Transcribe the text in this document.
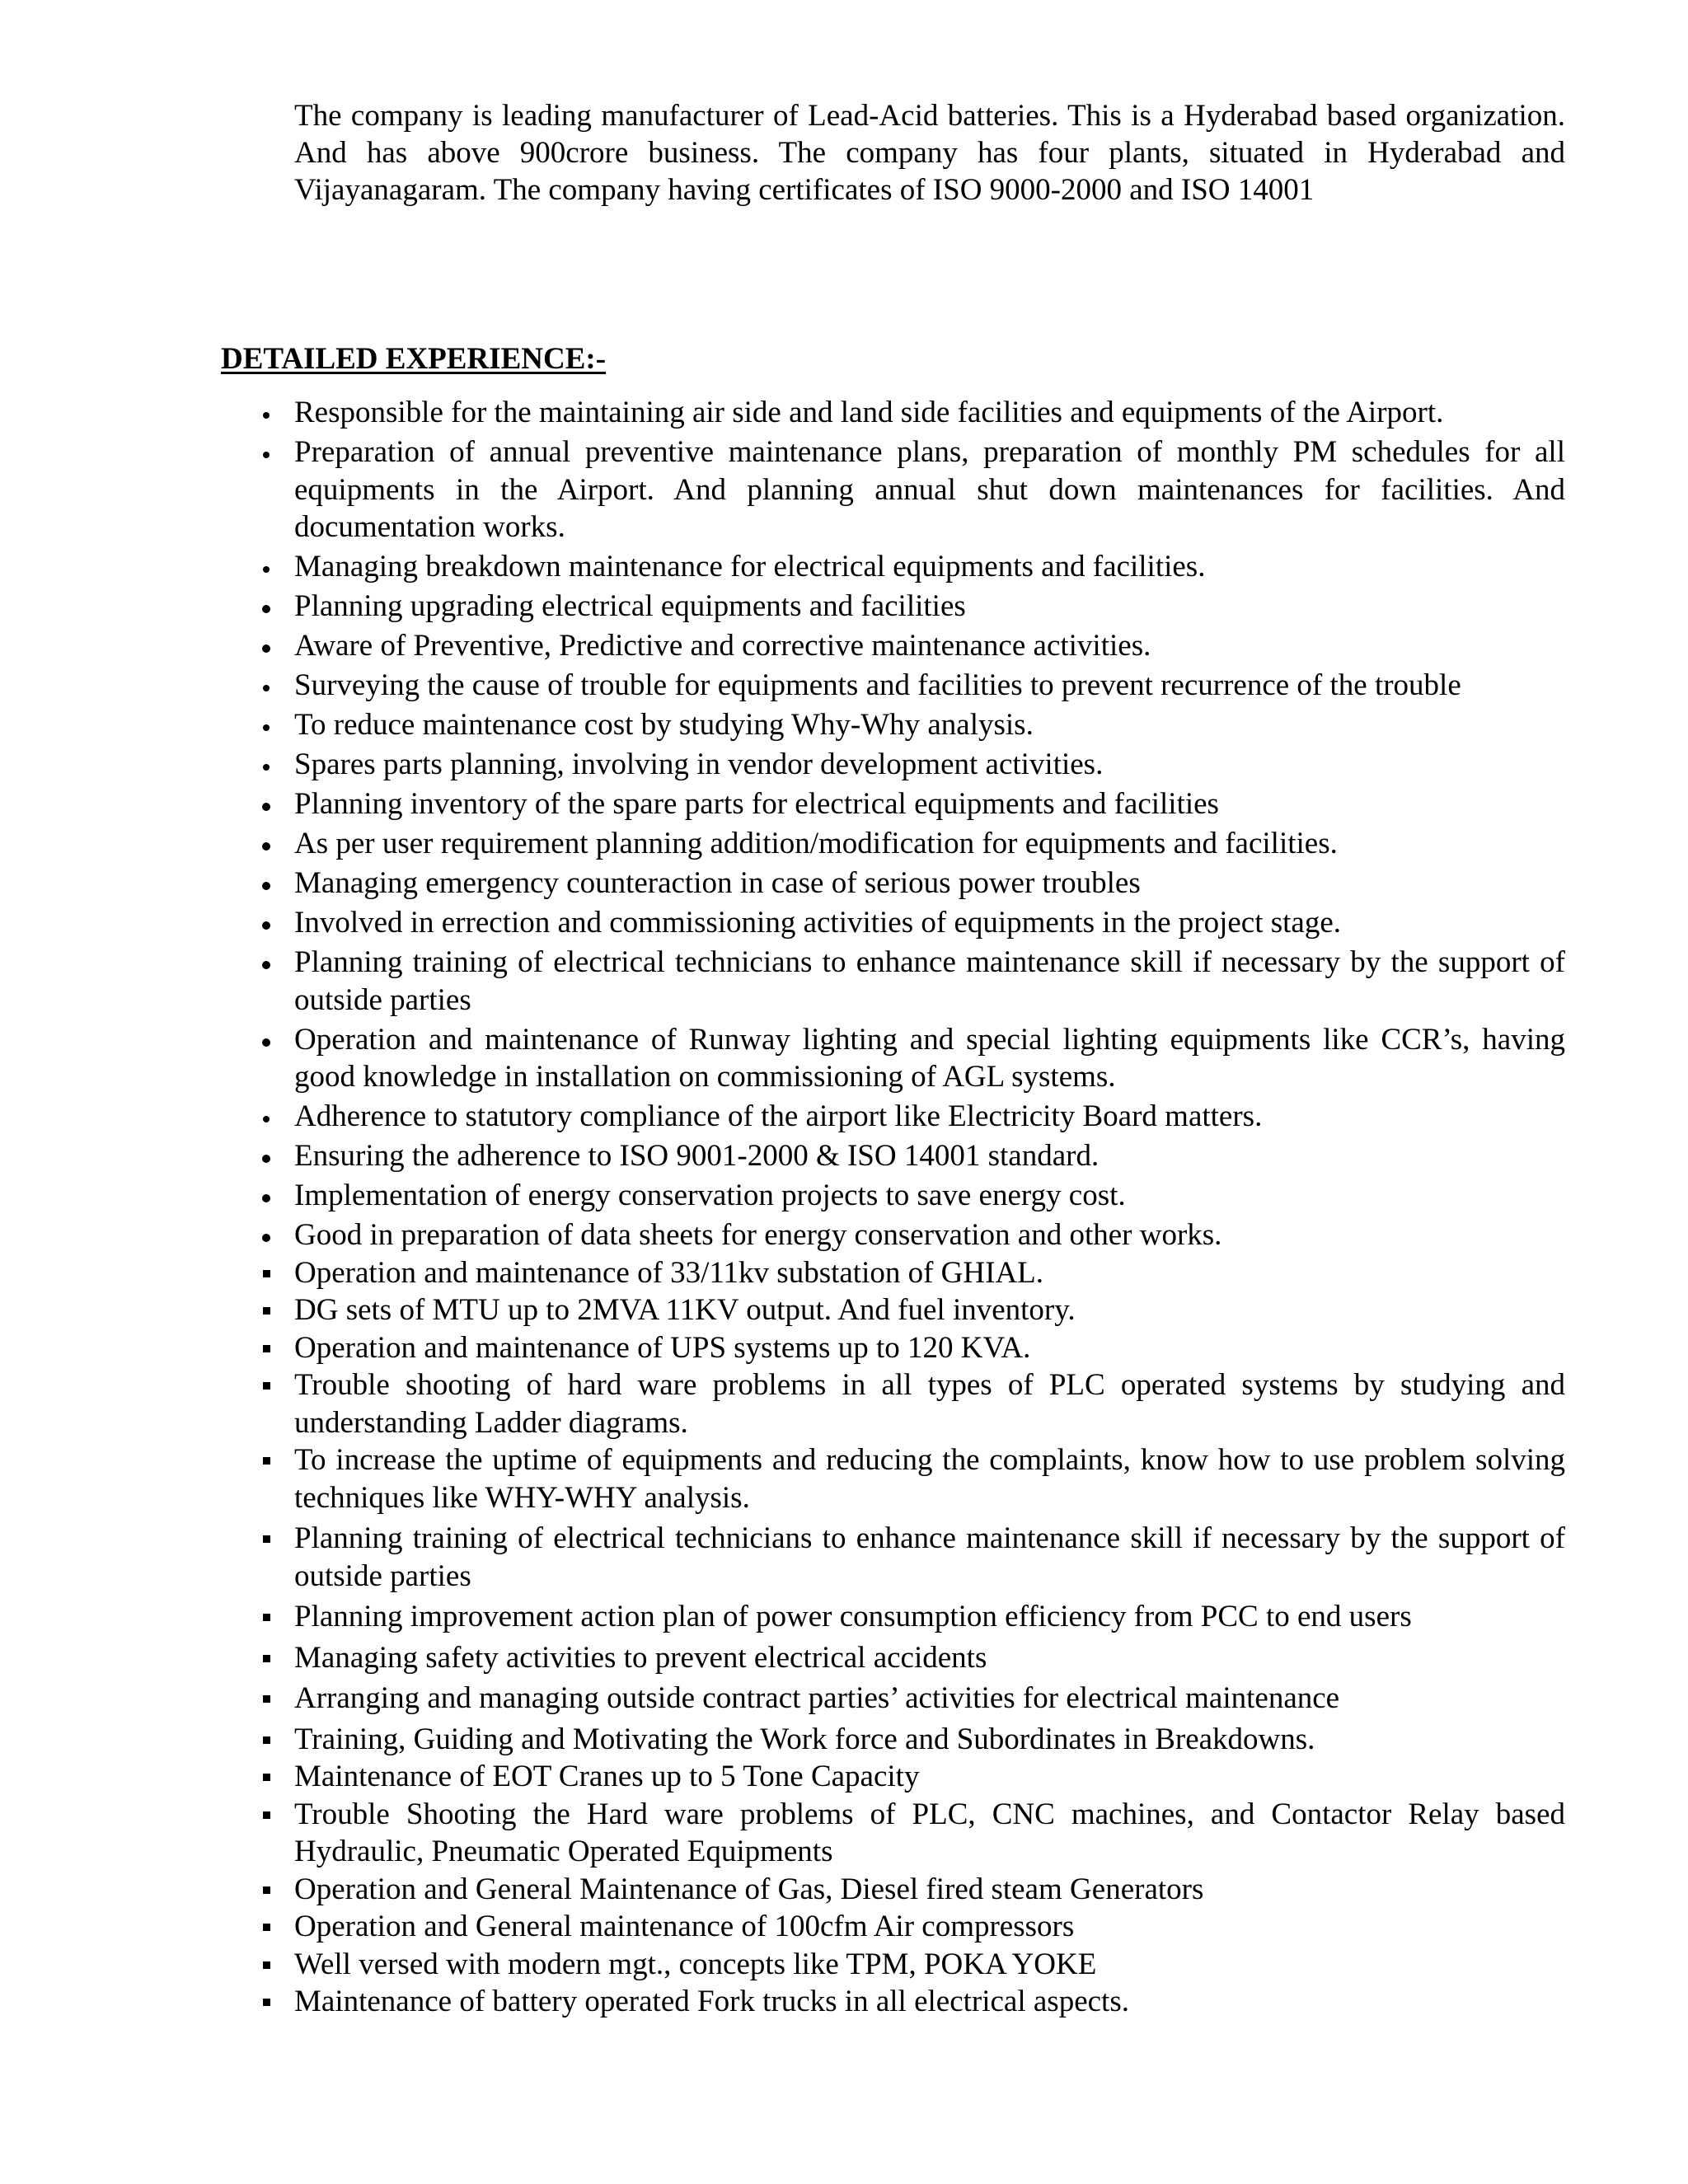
The company is leading manufacturer of Lead-Acid batteries. This is a Hyderabad based organization. And has above 900crore business. The company has four plants, situated in Hyderabad and Vijayanagaram. The company having certificates of ISO 9000-2000 and ISO 14001

DETAILED EXPERIENCE:-
Responsible for the maintaining air side and land side facilities and equipments of the Airport.
Preparation of annual preventive maintenance plans, preparation of monthly PM schedules for all equipments in the Airport. And planning annual shut down maintenances for facilities. And documentation works.
Managing breakdown maintenance for electrical equipments and facilities.
Planning upgrading electrical equipments and facilities
Aware of Preventive, Predictive and corrective maintenance activities.
Surveying the cause of trouble for equipments and facilities to prevent recurrence of the trouble
To reduce maintenance cost by studying Why-Why analysis.
Spares parts planning, involving in vendor development activities.
Planning inventory of the spare parts for electrical equipments and facilities
As per user requirement planning addition/modification for equipments and facilities.
Managing emergency counteraction in case of serious power troubles
Involved in errection and commissioning activities of equipments in the project stage.
Planning training of electrical technicians to enhance maintenance skill if necessary by the support of outside parties
Operation and maintenance of Runway lighting and special lighting equipments like CCR’s, having good knowledge in installation on commissioning of AGL systems.
Adherence to statutory compliance of the airport like Electricity Board matters.
Ensuring the adherence to ISO 9001-2000 & ISO 14001 standard.
Implementation of energy conservation projects to save energy cost.
Good in preparation of data sheets for energy conservation and other works.
Operation and maintenance of 33/11kv substation of GHIAL.
DG sets of MTU up to 2MVA 11KV output. And fuel inventory.
Operation and maintenance of UPS systems up to 120 KVA.
Trouble shooting of hard ware problems in all types of PLC operated systems by studying and understanding Ladder diagrams.
To increase the uptime of equipments and reducing the complaints, know how to use problem solving techniques like WHY-WHY analysis.
Planning training of electrical technicians to enhance maintenance skill if necessary by the support of outside parties
Planning improvement action plan of power consumption efficiency from PCC to end users
Managing safety activities to prevent electrical accidents
Arranging and managing outside contract parties’ activities for electrical maintenance
Training, Guiding and Motivating the Work force and Subordinates in Breakdowns.
Maintenance of EOT Cranes up to 5 Tone Capacity
Trouble Shooting the Hard ware problems of PLC, CNC machines, and Contactor Relay based Hydraulic, Pneumatic Operated Equipments
Operation and General Maintenance of Gas, Diesel fired steam Generators
Operation and General maintenance of 100cfm Air compressors
Well versed with modern mgt., concepts like TPM, POKA YOKE
Maintenance of battery operated Fork trucks in all electrical aspects.
